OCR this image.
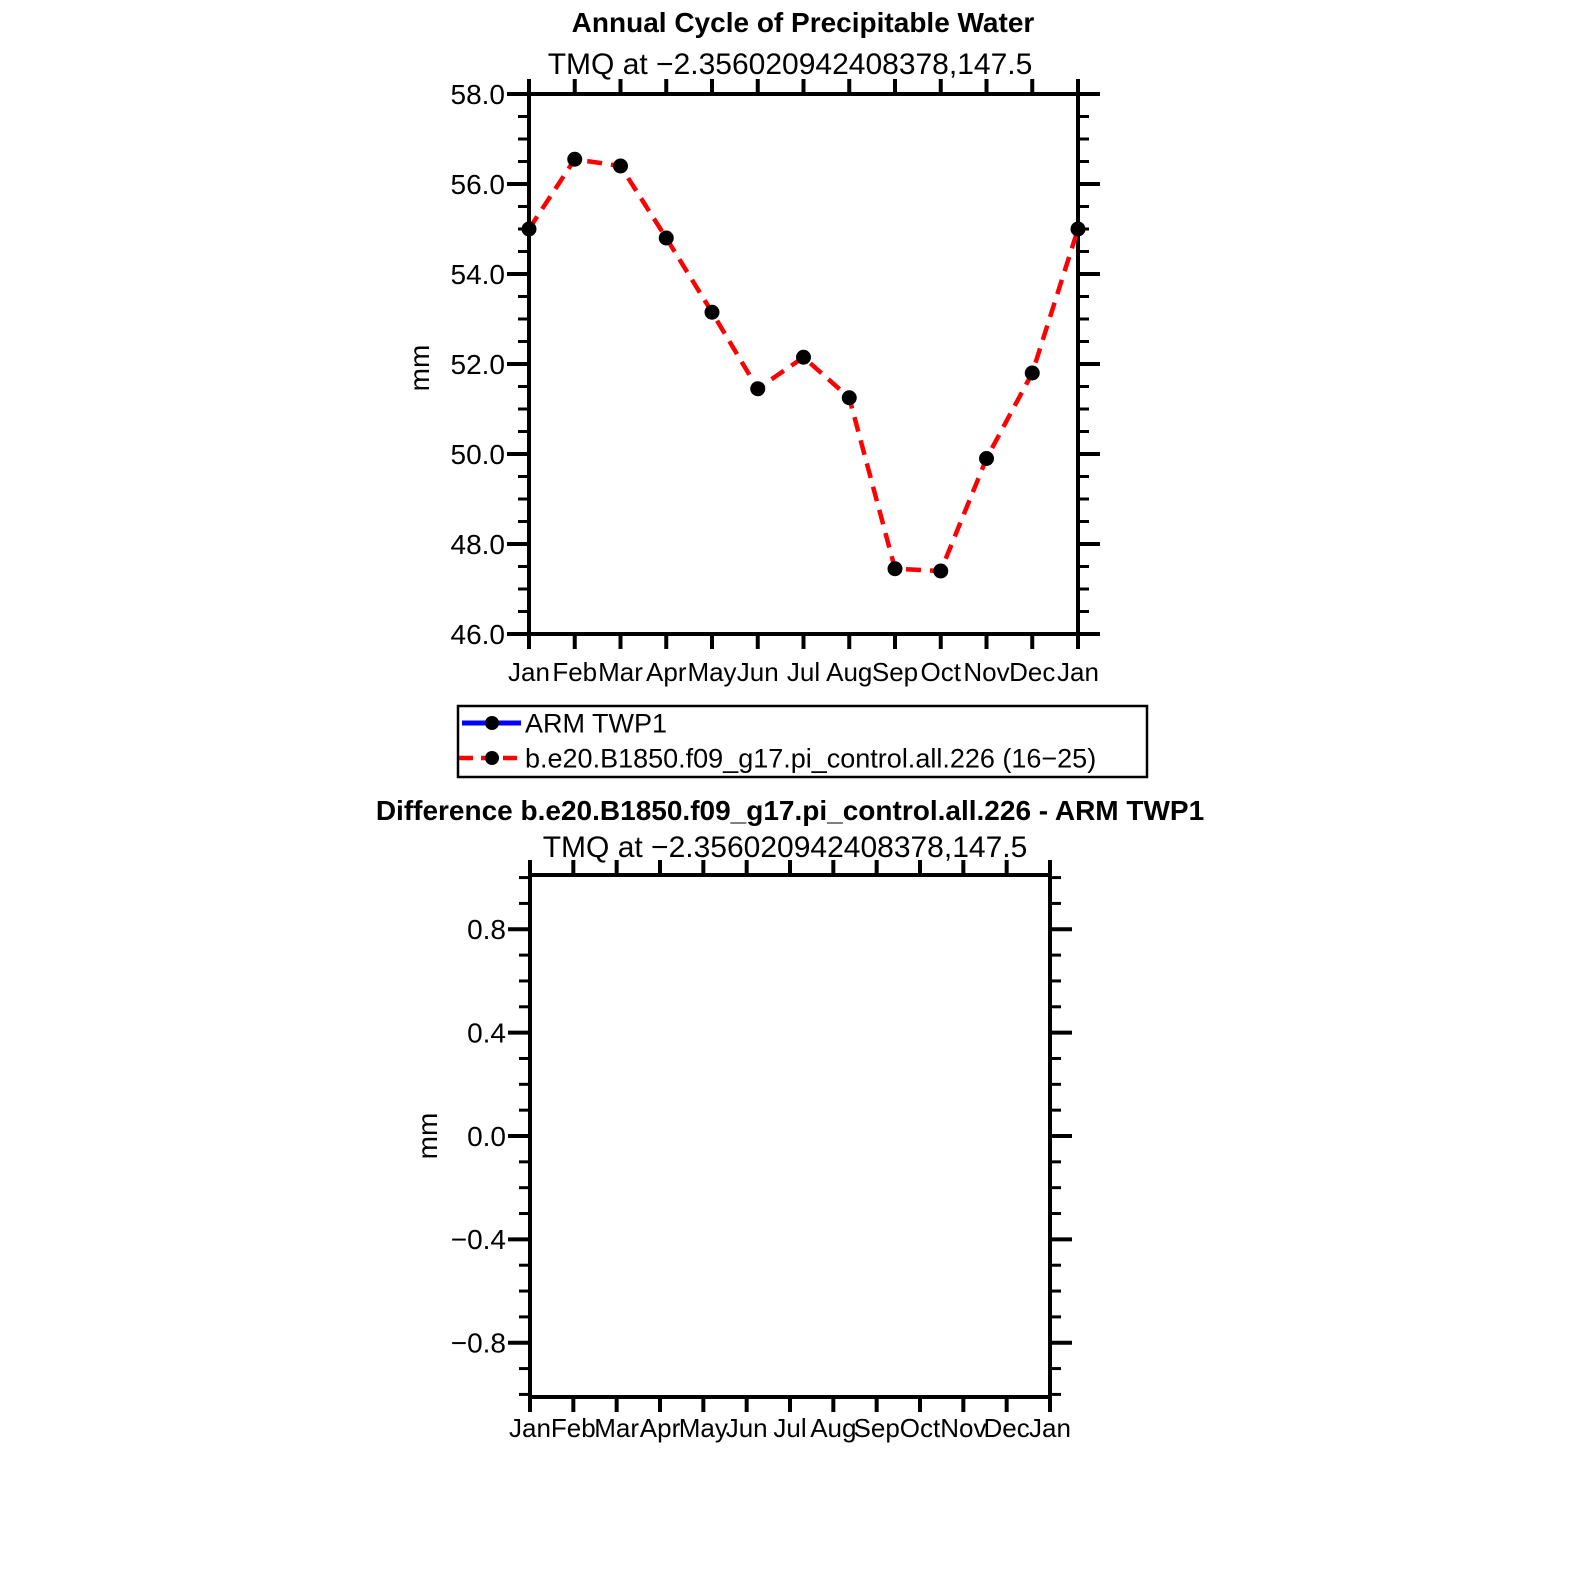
Annual Cycle of Precipitable Water
TMQ at −2.356020942408378,147.5
mm
Jan Feb Mar Apr May Jun Jul Aug Sep Oct Nov Dec Jan
58.0
56.0
54.0
52.0
50.0
48.0
46.0
ARM TWP1
b.e20.B1850.f09_g17.pi_control.all.226 (16−25)
Difference b.e20.B1850.f09_g17.pi_control.all.226 - ARM TWP1
TMQ at −2.356020942408378,147.5
mm
Jan Feb
Mar Apr
May
Jun Jul Aug
Sep Oct Nov
Dec Jan
0.8
0.4
0.0
−0.4
−0.8
